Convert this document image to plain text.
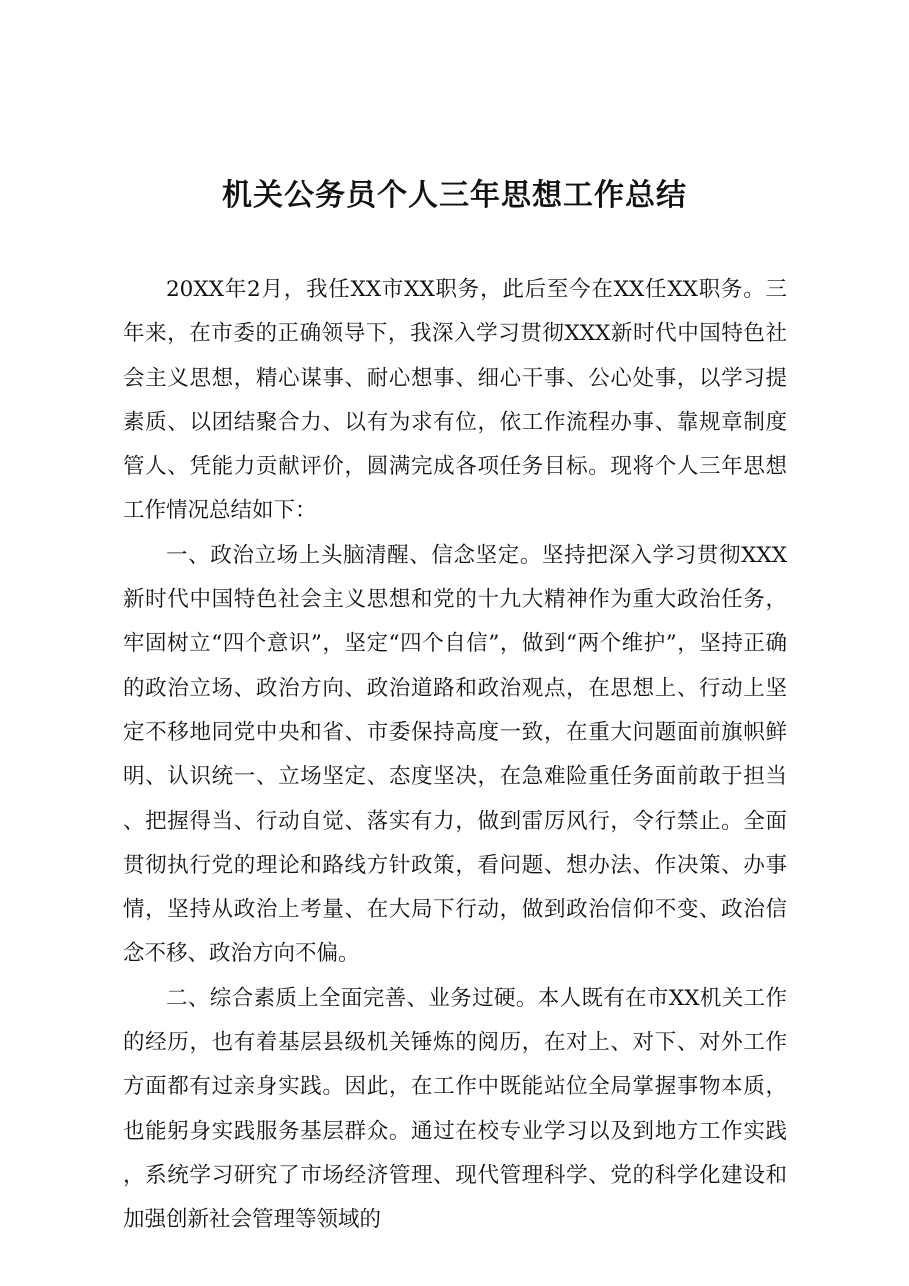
机关公务员个人三年思想工作总结

20XX年2月，我任XX市XX职务，此后至今在XX任XX职务。三年来，在市委的正确领导下，我深入学习贯彻XXX新时代中国特色社会主义思想，精心谋事、耐心想事、细心干事、公心处事，以学习提素质、以团结聚合力、以有为求有位，依工作流程办事、靠规章制度管人、凭能力贡献评价，圆满完成各项任务目标。现将个人三年思想工作情况总结如下：

一、政治立场上头脑清醒、信念坚定。坚持把深入学习贯彻XXX新时代中国特色社会主义思想和党的十九大精神作为重大政治任务，牢固树立“四个意识”，坚定“四个自信”，做到“两个维护”，坚持正确的政治立场、政治方向、政治道路和政治观点，在思想上、行动上坚定不移地同党中央和省、市委保持高度一致，在重大问题面前旗帜鲜明、认识统一、立场坚定、态度坚决，在急难险重任务面前敢于担当、把握得当、行动自觉、落实有力，做到雷厉风行，令行禁止。全面贯彻执行党的理论和路线方针政策，看问题、想办法、作决策、办事情，坚持从政治上考量、在大局下行动，做到政治信仰不变、政治信念不移、政治方向不偏。

二、综合素质上全面完善、业务过硬。本人既有在市XX机关工作的经历，也有着基层县级机关锤炼的阅历，在对上、对下、对外工作方面都有过亲身实践。因此，在工作中既能站位全局掌握事物本质，也能躬身实践服务基层群众。通过在校专业学习以及到地方工作实践，系统学习研究了市场经济管理、现代管理科学、党的科学化建设和加强创新社会管理等领域的
